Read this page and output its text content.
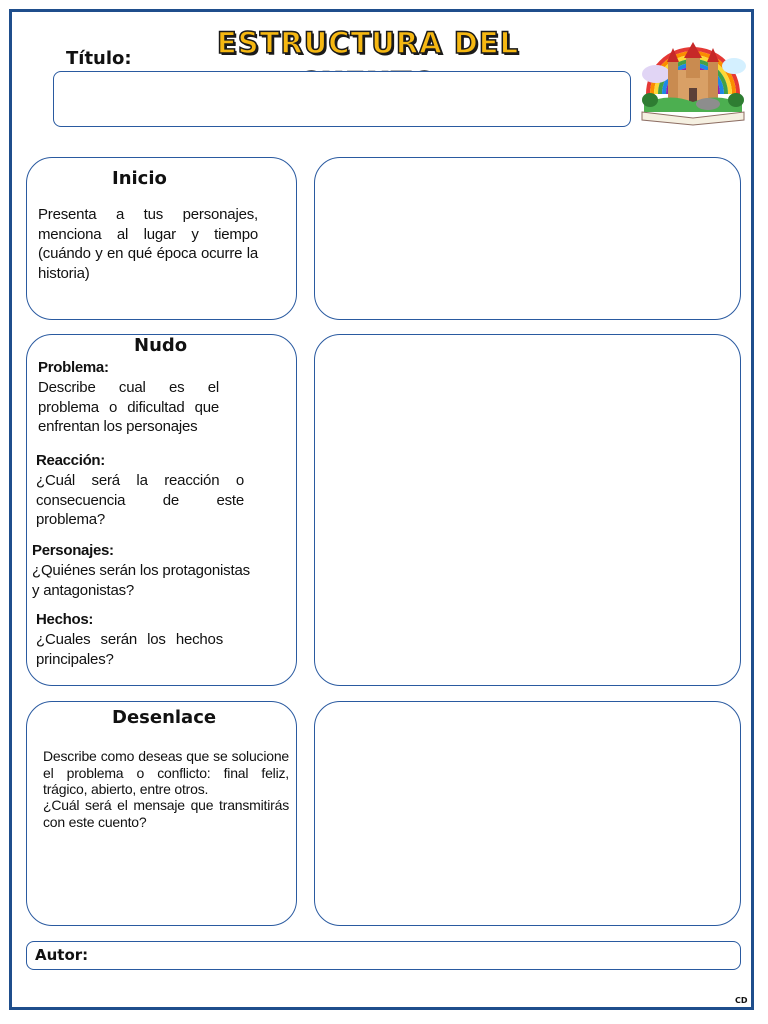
ESTRUCTURA DEL
Título:
Inicio
Presenta a tus personajes, menciona al lugar y tiempo (cuándo y en qué época ocurre la historia)
Nudo
Problema:
Describe cual es el problema o dificultad que enfrentan los personajes
Reacción:
¿Cuál será la reacción o consecuencia de este problema?
Personajes:
¿Quiénes serán los protagonistas y antagonistas?
Hechos:
¿Cuales serán los hechos principales?
Desenlace
Describe como deseas que se solucione el problema o conflicto: final feliz, trágico, abierto, entre otros.
¿Cuál será el mensaje que transmitirás con este cuento?
Autor:
CD
